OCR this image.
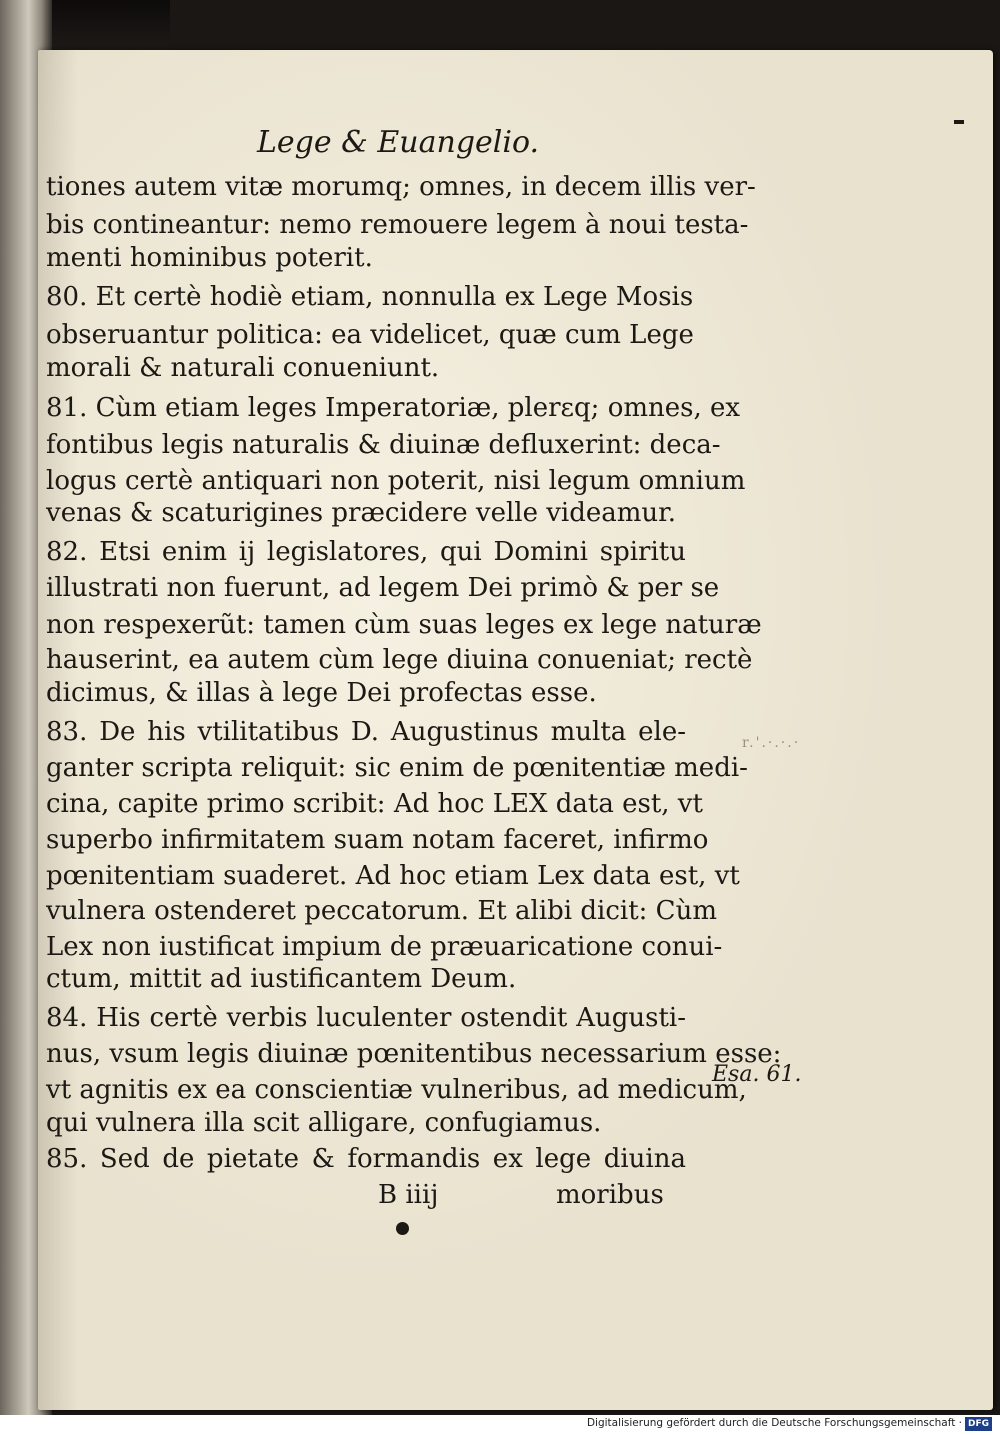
Lege & Euangelio.
tiones autem vitæ morumq; omnes, in decem illis ver-
bis contineantur: nemo remouere legem à noui testa-
menti hominibus poterit.
80. Et certè hodiè etiam, nonnulla ex Lege Mosis
obseruantur politica: ea videlicet, quæ cum Lege
morali & naturali conueniunt.
81. Cùm etiam leges Imperatoriæ, plerεq; omnes, ex
fontibus legis naturalis & diuinæ defluxerint: deca-
logus certè antiquari non poterit, nisi legum omnium
venas & scaturigines præcidere velle videamur.
82. Etsi enim ij legislatores, qui Domini spiritu
illustrati non fuerunt, ad legem Dei primò & per se
non respexerũt: tamen cùm suas leges ex lege naturæ
hauserint, ea autem cùm lege diuina conueniat; rectè
dicimus, & illas à lege Dei profectas esse.
83. De his vtilitatibus D. Augustinus multa ele-
ganter scripta reliquit: sic enim de pœnitentiæ medi-
cina, capite primo scribit: Ad hoc LEX data est, vt
superbo infirmitatem suam notam faceret, infirmo
pœnitentiam suaderet. Ad hoc etiam Lex data est, vt
vulnera ostenderet peccatorum. Et alibi dicit: Cùm
Lex non iustificat impium de præuaricatione conui-
ctum, mittit ad iustificantem Deum.
84. His certè verbis luculenter ostendit Augusti-
nus, vsum legis diuinæ pœnitentibus necessarium esse:
vt agnitis ex ea conscientiæ vulneribus, ad medicum,
qui vulnera illa scit alligare, confugiamus.
85. Sed de pietate & formandis ex lege diuina
r.'.·.·.·
Esa. 61.
B iiij	moribus
Digitalisierung gefördert durch die Deutsche Forschungsgemeinschaft · DFG
